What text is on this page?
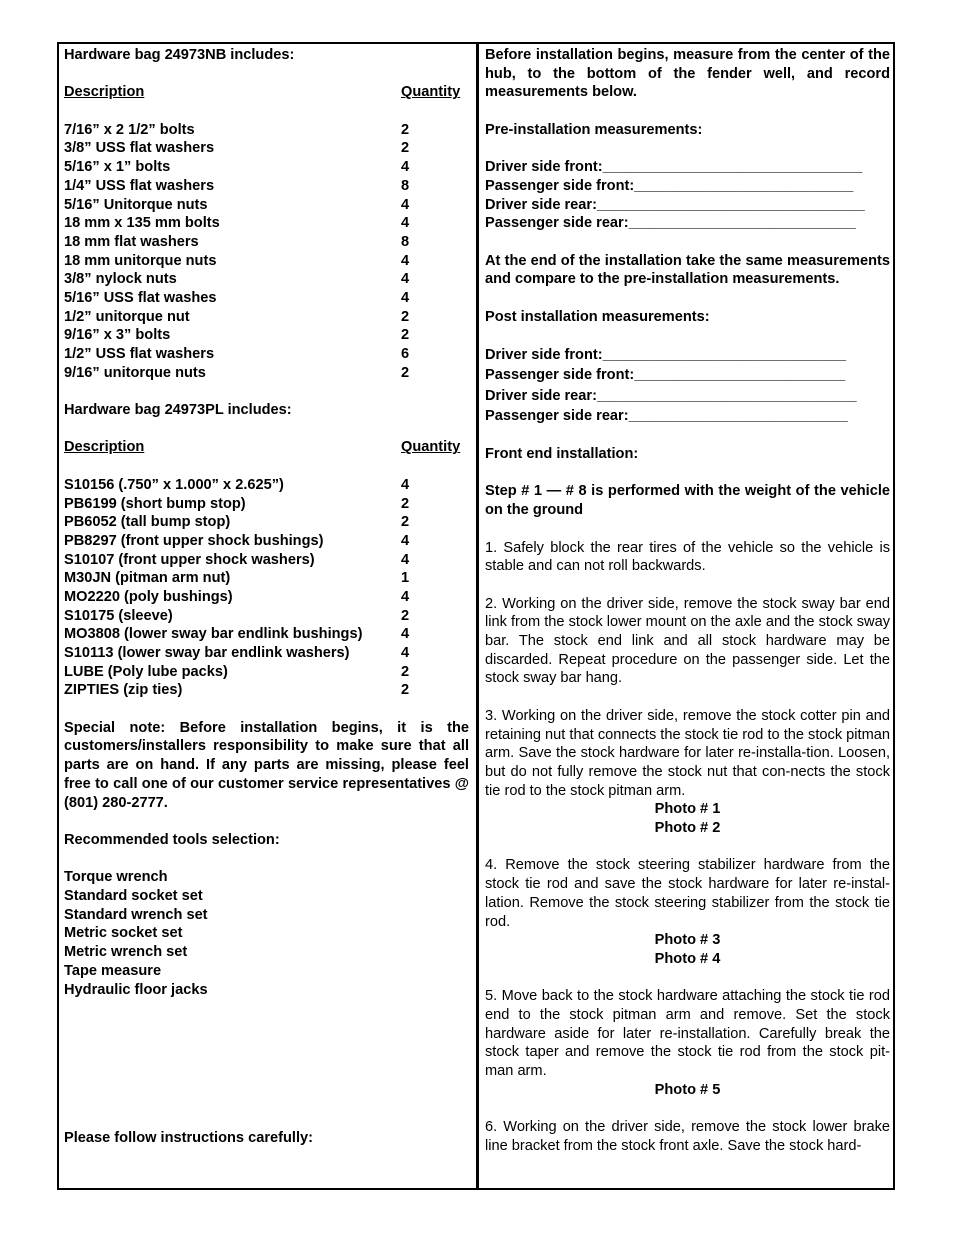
Hardware bag 24973NB includes:
Description	Quantity
7/16” x 2 1/2” bolts	2
3/8” USS flat washers	2
5/16” x 1” bolts	4
1/4” USS flat washers	8
5/16” Unitorque nuts	4
18 mm x 135 mm bolts	4
18 mm flat washers	8
18 mm unitorque nuts	4
3/8” nylock nuts	4
5/16” USS flat washes	4
1/2” unitorque nut	2
9/16” x 3” bolts	2
1/2” USS flat washers	6
9/16” unitorque nuts	2
Hardware bag 24973PL includes:
Description	Quantity
S10156 (.750” x 1.000” x 2.625”)	4
PB6199 (short bump stop)	2
PB6052 (tall bump stop)	2
PB8297 (front upper shock bushings)	4
S10107 (front upper shock washers)	4
M30JN (pitman arm nut)	1
MO2220 (poly bushings)	4
S10175 (sleeve)	2
MO3808 (lower sway bar endlink bushings)	4
S10113 (lower sway bar endlink washers)	4
LUBE (Poly lube packs)	2
ZIPTIES (zip ties)	2

Special note: Before installation begins, it is the customers/installers responsibility to make sure that all parts are on hand. If any parts are missing, please feel free to call one of our customer service representatives @ (801) 280-2777.

Recommended tools selection:
Torque wrench
Standard socket set
Standard wrench set
Metric socket set
Metric wrench set
Tape measure
Hydraulic floor jacks
Please follow instructions carefully:

Before installation begins, measure from the center of the hub, to the bottom of the fender well, and record measurements below.

Pre-installation measurements:
Driver side front:________________________________
Passenger side front:___________________________
Driver side rear:_________________________________
Passenger side rear:____________________________

At the end of the installation take the same measurements and compare to the pre-installation measurements.

Post installation measurements:
Driver side front:______________________________
Passenger side front:__________________________
Driver side rear:________________________________
Passenger side rear:___________________________
Front end installation:

Step # 1 — # 8 is performed with the weight of the vehicle on the ground

1. Safely block the rear tires of the vehicle so the vehicle is stable and can not roll backwards.

2. Working on the driver side, remove the stock sway bar end link from the stock lower mount on the axle and the stock sway bar. The stock end link and all stock hardware may be discarded. Repeat procedure on the passenger side. Let the stock sway bar hang.

3. Working on the driver side, remove the stock cotter pin and retaining nut that connects the stock tie rod to the stock pitman arm. Save the stock hardware for later re-installa-tion. Loosen, but do not fully remove the stock nut that con-nects the stock tie rod to the stock pitman arm.

Photo # 1
Photo # 2

4. Remove the stock steering stabilizer hardware from the stock tie rod and save the stock hardware for later re-instal-lation. Remove the stock steering stabilizer from the stock tie rod.

Photo # 3
Photo # 4

5. Move back to the stock hardware attaching the stock tie rod end to the stock pitman arm and remove. Set the stock hardware aside for later re-installation. Carefully break the stock taper and remove the stock tie rod from the stock pit-man arm.

Photo # 5

6. Working on the driver side, remove the stock lower brake line bracket from the stock front axle. Save the stock hard-
